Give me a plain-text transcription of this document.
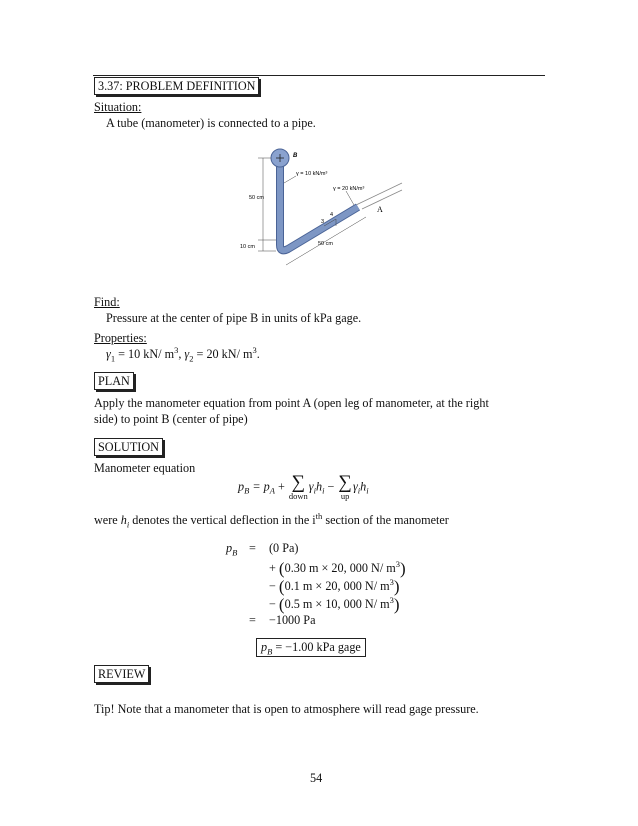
3.37: PROBLEM DEFINITION
Situation:
A tube (manometer) is connected to a pipe.
B
γ = 10 kN/m³
γ = 20 kN/m³
50 cm
10 cm	50 cm
4
3
A
Find:
Pressure at the center of pipe B in units of kPa gage.
Properties:
$\gamma_1 = 10$ kN/ $m^3$, $\gamma_2 = 20$ kN/ $m^3$.
PLAN
Apply the manometer equation from point A (open leg of manometer, at the right
side) to point B (center of pipe)
SOLUTION
Manometer equation
$p_B = p_A$ + ∑
down
$\gamma_ih_i$ − ∑
up
$\gamma_ih_i$
were $h_i$ denotes the vertical deflection in the $i^{th}$ section of the manometer
$p_B = (0$ Pa)
+ (0.30 m × 20, 000 N/ $m^3$)
− (0.1 m × 20, 000 N/ $m^3$)
− (0.5 m × 10, 000 N/ $m^3$)
= −1000 Pa
$p_B = -1.00$ kPa gage
REVIEW
Tip! Note that a manometer that is open to atmosphere will read gage pressure.
54
